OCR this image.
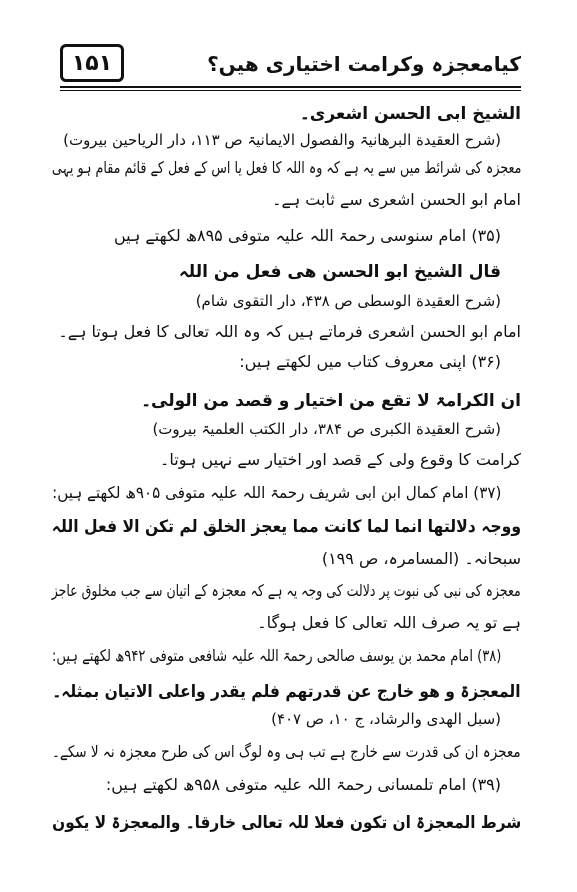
کیامعجزہ وکرامت اختیاری ھیں؟
۱۵۱
الشیخ ابی الحسن اشعری۔
(شرح العقیدة البرھانیۃ والفصول الایمانیۃ ص ۱۱۳، دار الریاحین بیروت)
معجزہ کی شرائط میں سے یہ ہے کہ وہ اللہ کا فعل یا اس کے فعل کے قائم مقام ہو یہی
امام ابو الحسن اشعری سے ثابت ہے۔
(۳۵) امام سنوسی رحمۃ اللہ علیہ متوفی ۸۹۵ھ لکھتے ہیں
قال الشیخ ابو الحسن ھی فعل من اللہ
(شرح العقیدة الوسطی ص ۴۳۸، دار التقوی شام)
امام ابو الحسن اشعری فرماتے ہیں کہ وہ اللہ تعالی کا فعل ہوتا ہے۔
(۳۶) اپنی معروف کتاب میں لکھتے ہیں:
ان الکرامۃ لا تقع من اختیار و قصد من الولی۔
(شرح العقیدة الکبری ص ۳۸۴، دار الکتب العلمیۃ بیروت)
کرامت کا وقوع ولی کے قصد اور اختیار سے نہیں ہوتا۔
(۳۷) امام کمال ابن ابی شریف رحمۃ اللہ علیہ متوفی ۹۰۵ھ لکھتے ہیں:
ووجہ دلالتھا انما لما کانت مما یعجز الخلق لم تکن الا فعل اللہ
سبحانہ۔ (المسامرہ، ص ۱۹۹)
معجزہ کی نبی کی نبوت پر دلالت کی وجہ یہ ہے کہ معجزہ کے اتیان سے جب مخلوق عاجز
ہے تو یہ صرف اللہ تعالی کا فعل ہوگا۔
(۳۸) امام محمد بن یوسف صالحی رحمۃ اللہ علیہ شافعی متوفی ۹۴۲ھ لکھتے ہیں:
المعجزۃ و ھو خارج عن قدرتھم فلم یقدر واعلی الاتیان بمثلہ۔
(سبل الھدی والرشاد، ج ۱۰، ص ۴۰۷)
معجزہ ان کی قدرت سے خارج ہے تب ہی وہ لوگ اس کی طرح معجزہ نہ لا سکے۔
(۳۹) امام تلمسانی رحمۃ اللہ علیہ متوفی ۹۵۸ھ لکھتے ہیں:
شرط المعجزۃ ان تکون فعلا للہ تعالی خارقا۔ والمعجزۃ لا یکون
